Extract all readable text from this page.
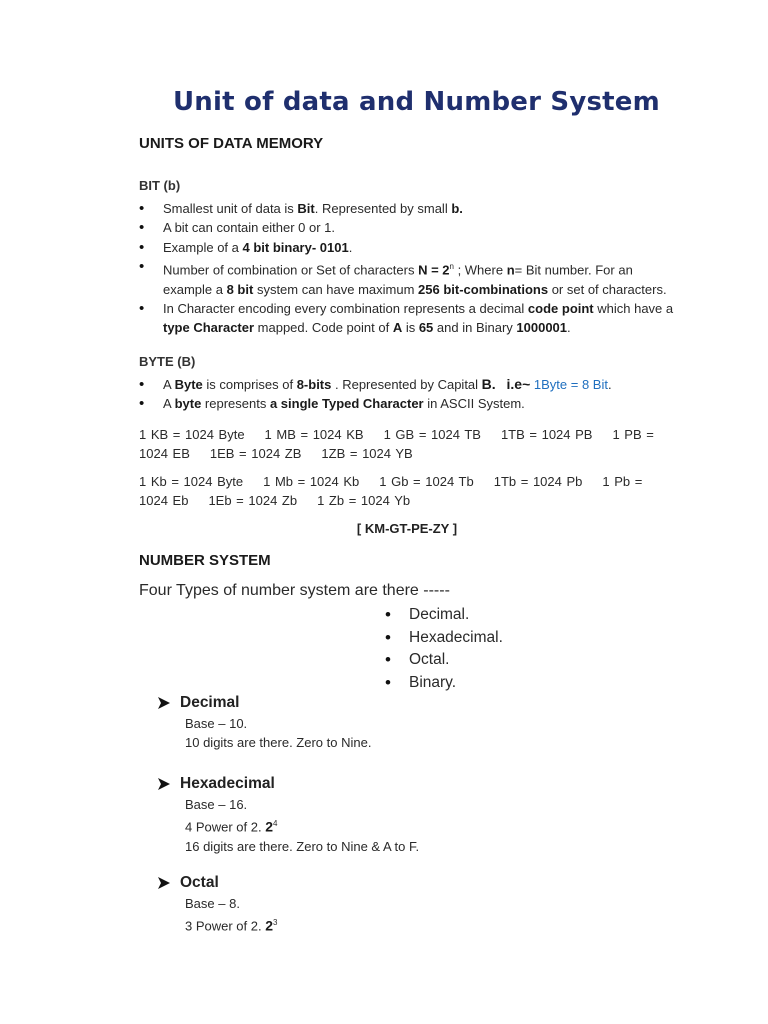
Unit of data and Number System
UNITS OF DATA MEMORY
BIT (b)
• Smallest unit of data is Bit. Represented by small b.
• A bit can contain either 0 or 1.
• Example of a 4 bit binary- 0101.
• Number of combination or Set of characters $N = 2^n$ ; Where n= Bit number. For an example a 8 bit system can have maximum 256 bit-combinations or set of characters.
• In Character encoding every combination represents a decimal code point which have a type Character mapped. Code point of A is 65 and in Binary 1000001.
BYTE (B)
• A Byte is comprises of 8-bits . Represented by Capital B. i.e~ 1Byte = 8 Bit.
• A byte represents a single Typed Character in ASCII System.

1 KB = 1024 Byte 1 MB = 1024 KB 1 GB = 1024 TB 1TB = 1024 PB 1 PB = 1024 EB 1EB = 1024 ZB 1ZB = 1024 YB

1 Kb = 1024 Byte 1 Mb = 1024 Kb 1 Gb = 1024 Tb 1Tb = 1024 Pb 1 Pb = 1024 Eb 1Eb = 1024 Zb 1 Zb = 1024 Yb

[ KM-GT-PE-ZY ]

NUMBER SYSTEM

Four Types of number system are there -----

• Decimal.
• Hexadecimal.
• Octal.
• Binary.

Decimal

Base – 10.
10 digits are there. Zero to Nine.

Hexadecimal

Base – 16.
4 Power of 2. $2^4$
16 digits are there. Zero to Nine & A to F.

Octal

Base – 8.
3 Power of 2. $2^3$
